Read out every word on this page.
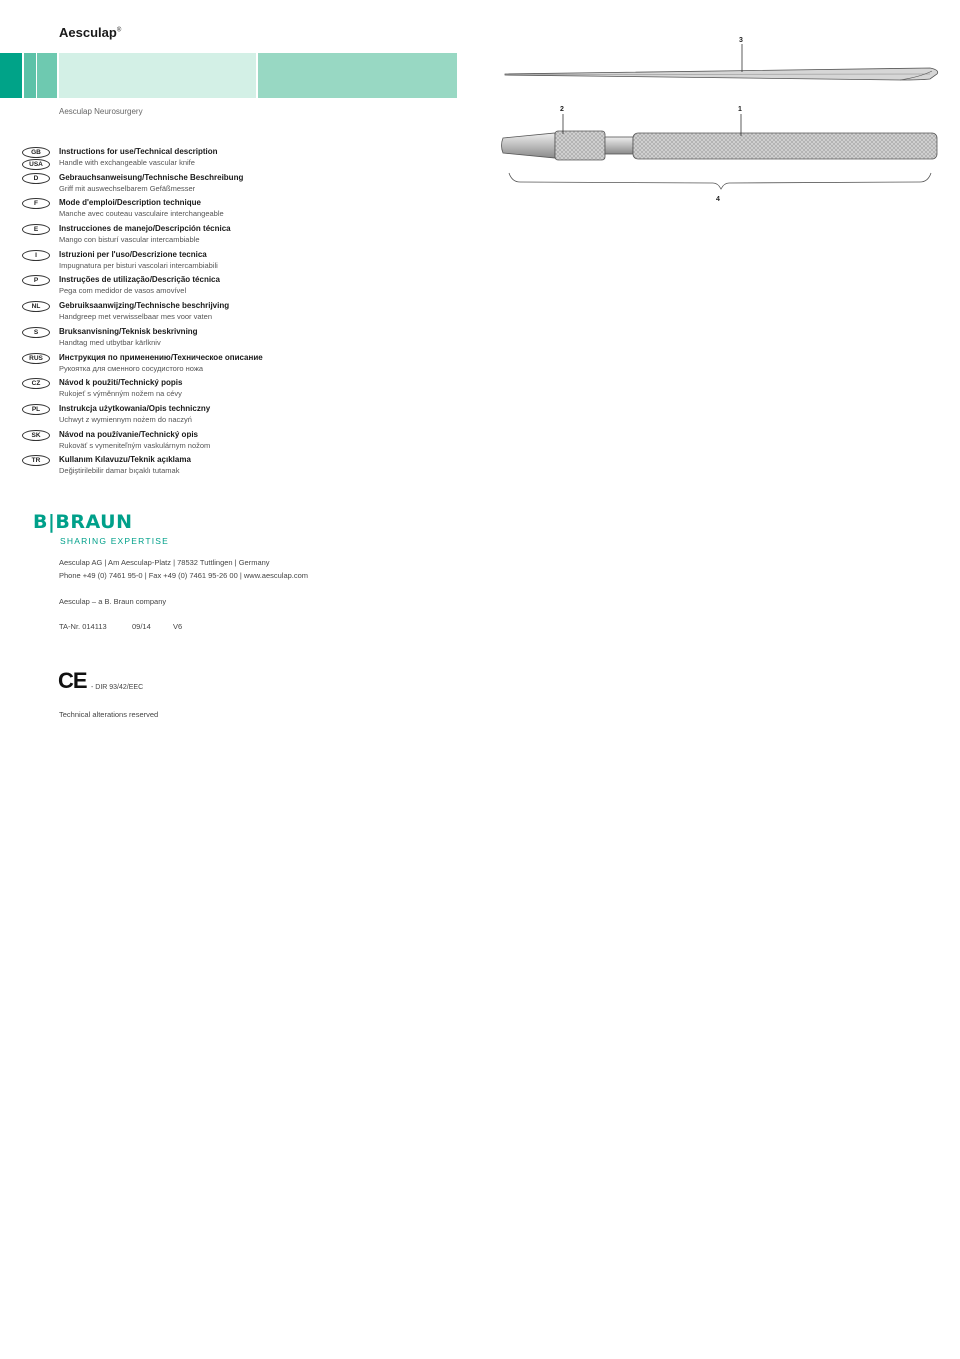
Aesculap®
Aesculap Neurosurgery
GB
USA
Instructions for use/Technical description
Handle with exchangeable vascular knife
D	Gebrauchsanweisung/Technische Beschreibung
Griff mit auswechselbarem Gefäßmesser
F	Mode d'emploi/Description technique
Manche avec couteau vasculaire interchangeable
E	Instrucciones de manejo/Descripción técnica
Mango con bisturí vascular intercambiable
I	Istruzioni per l'uso/Descrizione tecnica
Impugnatura per bisturi vascolari intercambiabili
P	Instruções de utilização/Descrição técnica
Pega com medidor de vasos amovível
NL	Gebruiksaanwijzing/Technische beschrijving
Handgreep met verwisselbaar mes voor vaten
S	Bruksanvisning/Teknisk beskrivning
Handtag med utbytbar kärlkniv
RUS	Инструкция по применению/Техническое описание
Рукоятка для сменного сосудистого ножа
CZ	Návod k použití/Technický popis
Rukojeť s výměnným nožem na cévy
PL	Instrukcja użytkowania/Opis techniczny
Uchwyt z wymiennym nożem do naczyń
SK	Návod na používanie/Technický opis
Rukoväť s vymeniteľným vaskulárnym nožom
TR	Kullanım Kılavuzu/Teknik açıklama
Değiştirilebilir damar bıçaklı tutamak
B|BRAUN
SHARING EXPERTISE
Aesculap AG | Am Aesculap-Platz | 78532 Tuttlingen | Germany
Phone +49 (0) 7461 95-0 | Fax +49 (0) 7461 95-26 00 | www.aesculap.com
Aesculap – a B. Braun company
TA-Nr. 014113	09/14	V6
CE - DIR 93/42/EEC
Technical alterations reserved
3
2	1
4
